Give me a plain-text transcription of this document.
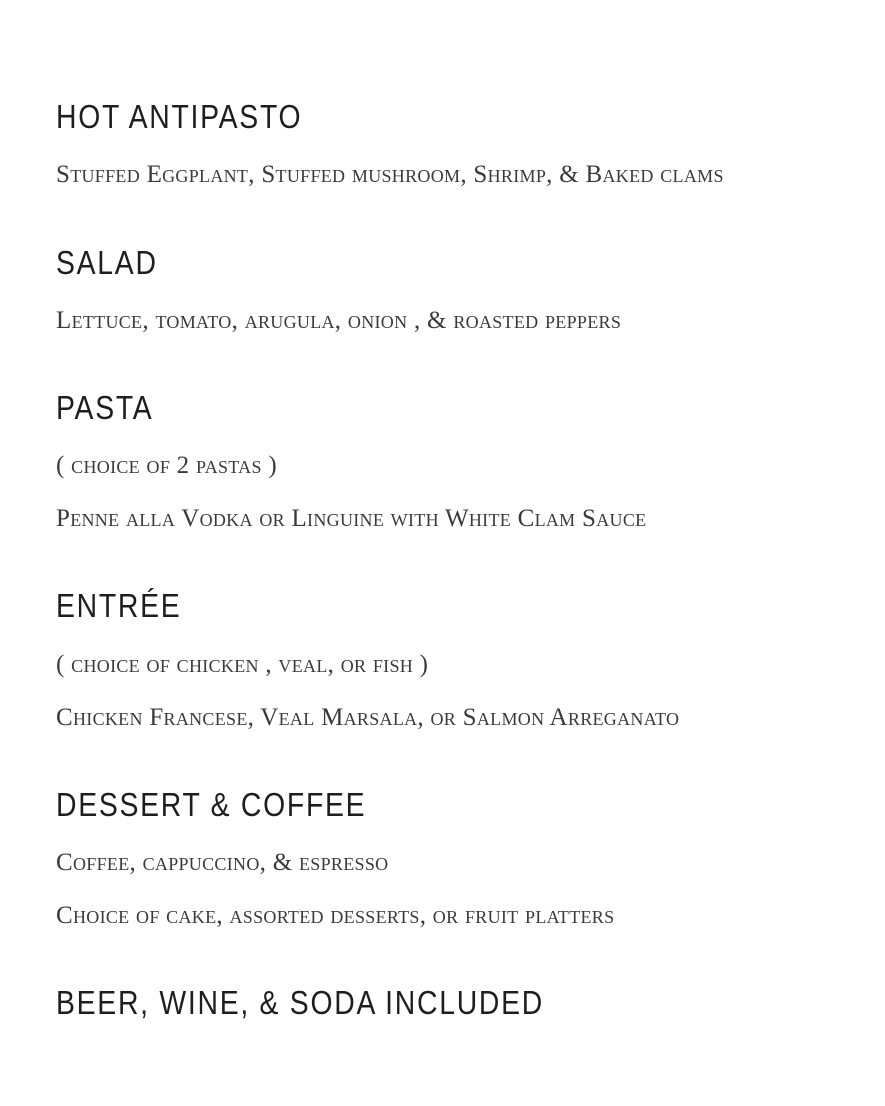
HOT ANTIPASTO

Stuffed Eggplant, Stuffed mushroom, Shrimp, & Baked clams

SALAD

Lettuce, tomato, arugula, onion , & roasted peppers

PASTA

( choice of 2 pastas )

Penne alla Vodka or Linguine with White Clam Sauce

ENTRÉE

( choice of chicken , veal, or fish )

Chicken Francese, Veal Marsala, or Salmon Arreganato

DESSERT & COFFEE

Coffee, cappuccino, & espresso

Choice of cake, assorted desserts, or fruit platters

BEER, WINE, & SODA INCLUDED
